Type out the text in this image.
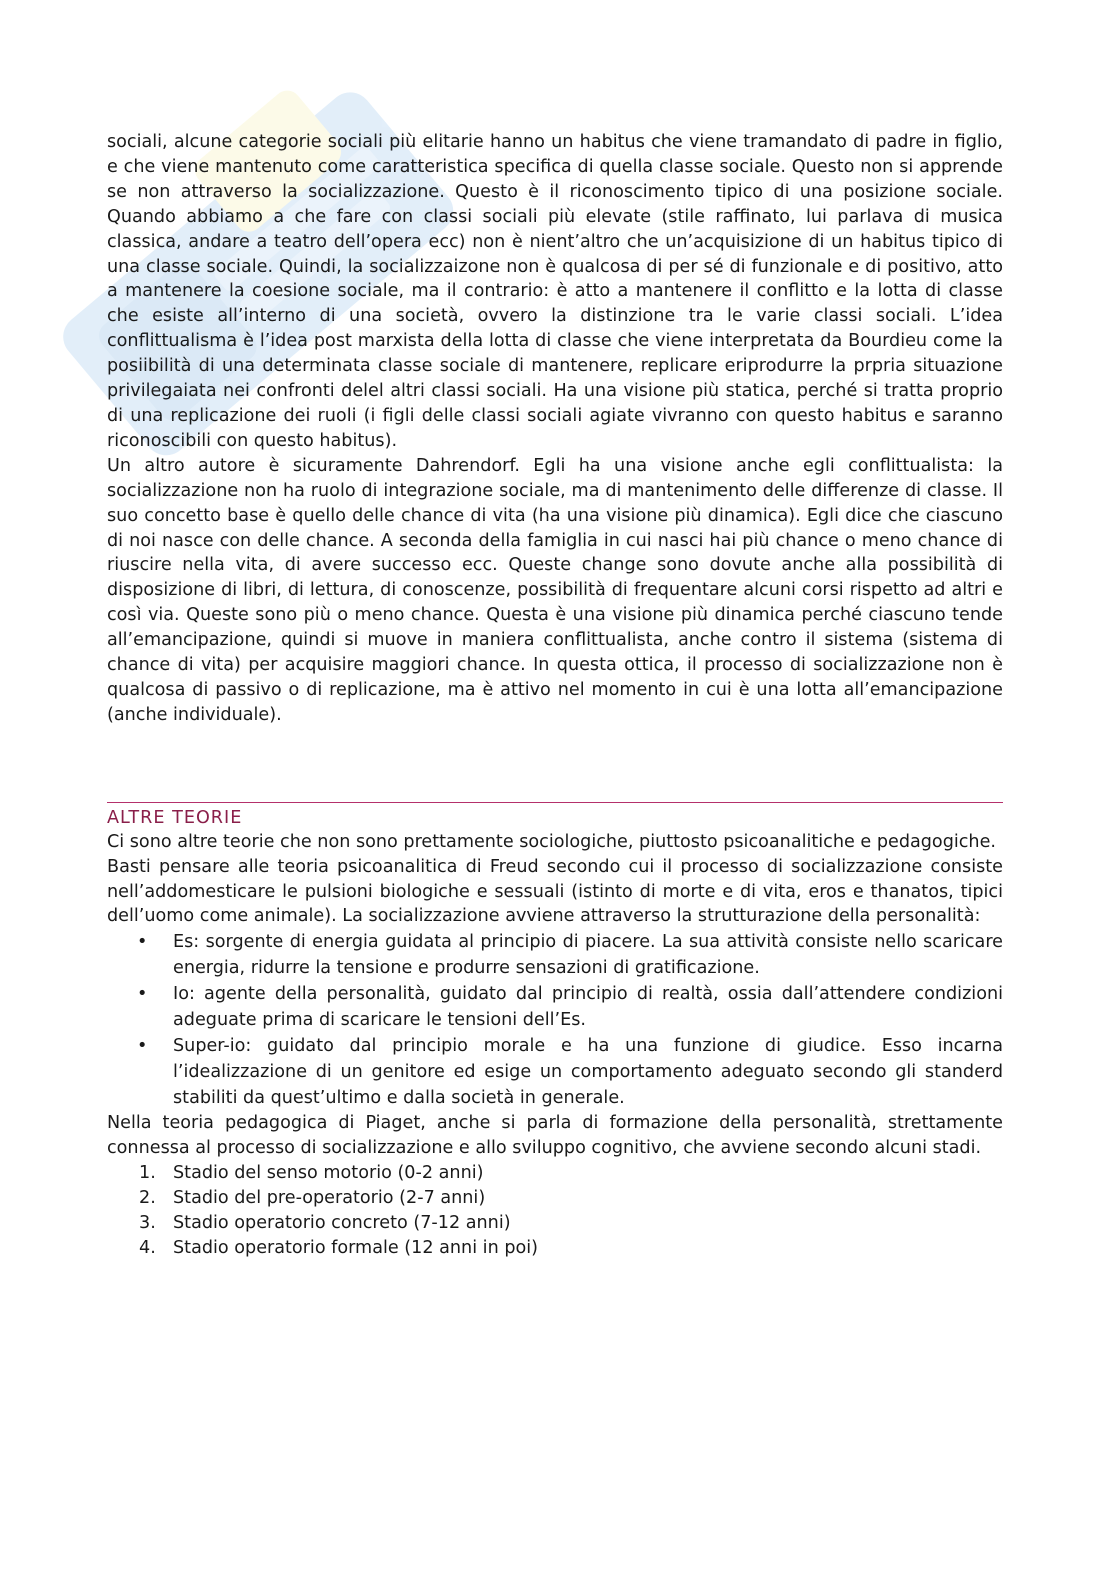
sociali, alcune categorie sociali più elitarie hanno un habitus che viene tramandato di padre in figlio, e che viene mantenuto come caratteristica specifica di quella classe sociale. Questo non si apprende se non attraverso la socializzazione. Questo è il riconoscimento tipico di una posizione sociale. Quando abbiamo a che fare con classi sociali più elevate (stile raffinato, lui parlava di musica classica, andare a teatro dell’opera ecc) non è nient’altro che un’acquisizione di un habitus tipico di una classe sociale. Quindi, la socializzaizone non è qualcosa di per sé di funzionale e di positivo, atto a mantenere la coesione sociale, ma il contrario: è atto a mantenere il conflitto e la lotta di classe che esiste all’interno di una società, ovvero la distinzione tra le varie classi sociali. L’idea conflittualisma è l’idea post marxista della lotta di classe che viene interpretata da Bourdieu come la posiibilità di una determinata classe sociale di mantenere, replicare eriprodurre la prpria situazione privilegaiata nei confronti delel altri classi sociali. Ha una visione più statica, perché si tratta proprio di una replicazione dei ruoli (i figli delle classi sociali agiate vivranno con questo habitus e saranno riconoscibili con questo habitus).

Un altro autore è sicuramente Dahrendorf. Egli ha una visione anche egli conflittualista: la socializzazione non ha ruolo di integrazione sociale, ma di mantenimento delle differenze di classe. Il suo concetto base è quello delle chance di vita (ha una visione più dinamica). Egli dice che ciascuno di noi nasce con delle chance. A seconda della famiglia in cui nasci hai più chance o meno chance di riuscire nella vita, di avere successo ecc. Queste change sono dovute anche alla possibilità di disposizione di libri, di lettura, di conoscenze, possibilità di frequentare alcuni corsi rispetto ad altri e così via. Queste sono più o meno chance. Questa è una visione più dinamica perché ciascuno tende all’emancipazione, quindi si muove in maniera conflittualista, anche contro il sistema (sistema di chance di vita) per acquisire maggiori chance. In questa ottica, il processo di socializzazione non è qualcosa di passivo o di replicazione, ma è attivo nel momento in cui è una lotta all’emancipazione (anche individuale).

ALTRE TEORIE

Ci sono altre teorie che non sono prettamente sociologiche, piuttosto psicoanalitiche e pedagogiche.

Basti pensare alle teoria psicoanalitica di Freud secondo cui il processo di socializzazione consiste nell’addomesticare le pulsioni biologiche e sessuali (istinto di morte e di vita, eros e thanatos, tipici dell’uomo come animale). La socializzazione avviene attraverso la strutturazione della personalità:

• Es: sorgente di energia guidata al principio di piacere. La sua attività consiste nello scaricare energia, ridurre la tensione e produrre sensazioni di gratificazione.
• Io: agente della personalità, guidato dal principio di realtà, ossia dall’attendere condizioni adeguate prima di scaricare le tensioni dell’Es.
• Super-io: guidato dal principio morale e ha una funzione di giudice. Esso incarna l’idealizzazione di un genitore ed esige un comportamento adeguato secondo gli standerd stabiliti da quest’ultimo e dalla società in generale.

Nella teoria pedagogica di Piaget, anche si parla di formazione della personalità, strettamente connessa al processo di socializzazione e allo sviluppo cognitivo, che avviene secondo alcuni stadi.

1. Stadio del senso motorio (0-2 anni)
2. Stadio del pre-operatorio (2-7 anni)
3. Stadio operatorio concreto (7-12 anni)
4. Stadio operatorio formale (12 anni in poi)
